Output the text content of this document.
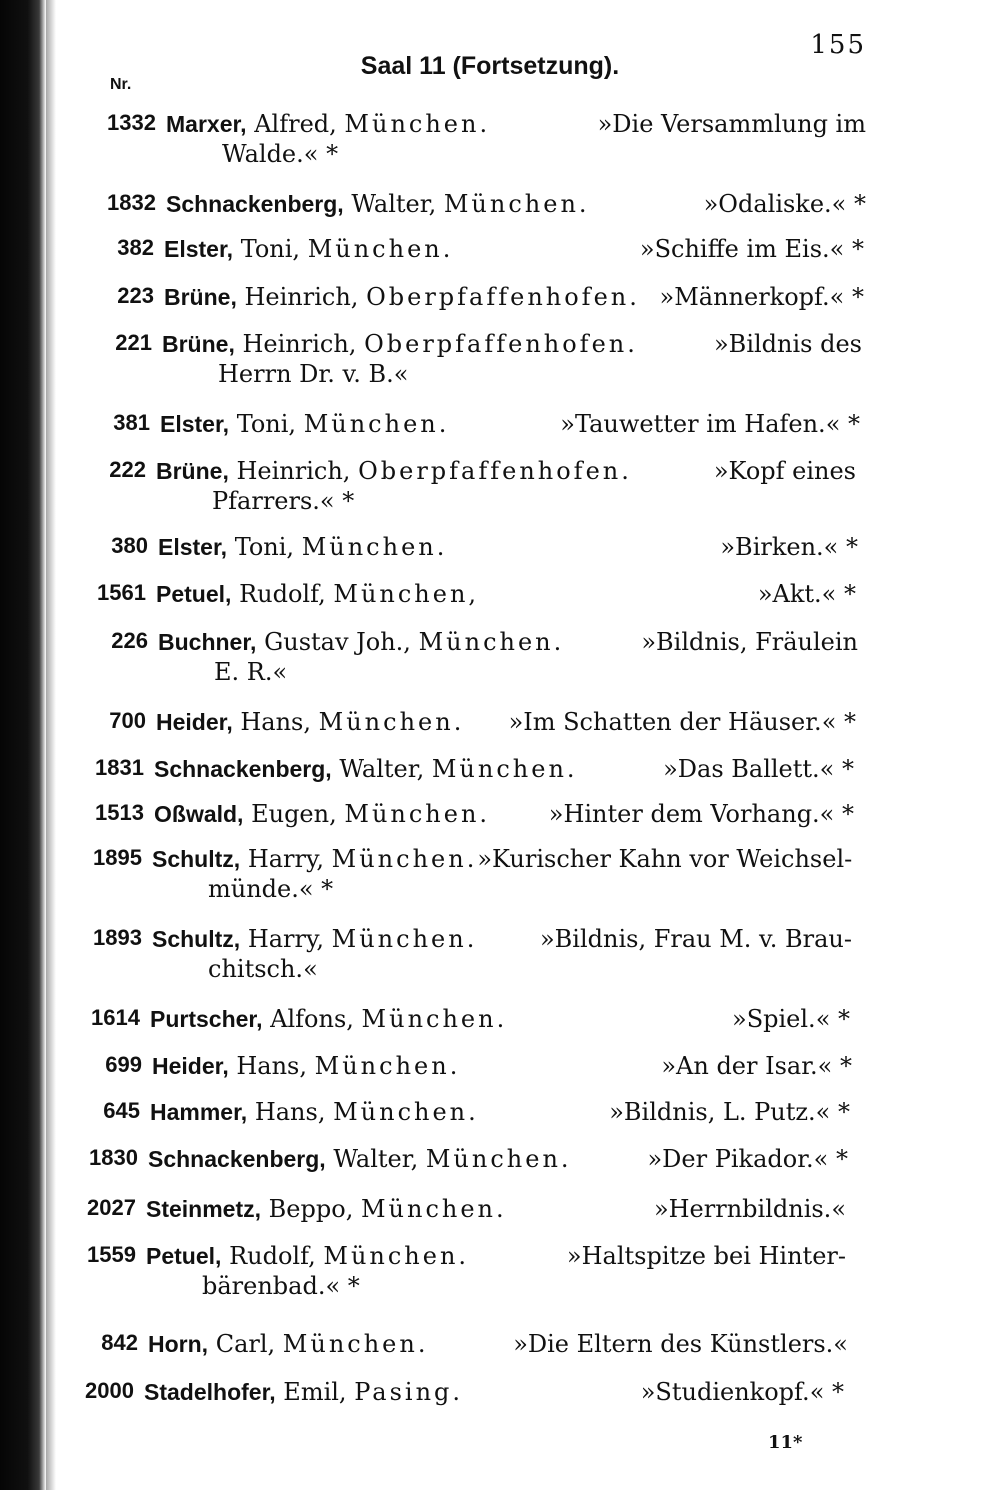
155
Saal 11 (Fortsetzung).
Nr.
1332 Marxer, Alfred, München.	»Die Versammlung im
Walde.« *
1832 Schnackenberg, Walter, München.	»Odaliske.« *
382 Elster, Toni, München.	»Schiffe im Eis.« *
223 Brüne, Heinrich, Oberpfaffenhofen. »Männerkopf.« *
221 Brüne, Heinrich, Oberpfaffenhofen.	»Bildnis des
Herrn Dr. v. B.«
381 Elster, Toni, München.	»Tauwetter im Hafen.« *
222 Brüne, Heinrich, Oberpfaffenhofen.	»Kopf eines
Pfarrers.« *
380 Elster, Toni, München.	»Birken.« *
1561 Petuel, Rudolf, München,	»Akt.« *
226 Buchner, Gustav Joh., München.	»Bildnis, Fräulein
E. R.«
700 Heider, Hans, München. »Im Schatten der Häuser.« *
1831 Schnackenberg, Walter, München.	»Das Ballett.« *
1513 Oßwald, Eugen, München. »Hinter dem Vorhang.« *
1895 Schultz, Harry, München. »Kurischer Kahn vor Weichsel-
münde.« *
1893 Schultz, Harry, München.	»Bildnis, Frau M. v. Brau-
chitsch.«
1614 Purtscher, Alfons, München.	»Spiel.« *
699 Heider, Hans, München.	»An der Isar.« *
645 Hammer, Hans, München.	»Bildnis, L. Putz.« *
1830 Schnackenberg, Walter, München.	»Der Pikador.« *
2027 Steinmetz, Beppo, München.	»Herrnbildnis.«
1559 Petuel, Rudolf, München.	»Haltspitze bei Hinter-
bärenbad.« *
842 Horn, Carl, München.	»Die Eltern des Künstlers.«
2000 Stadelhofer, Emil, Pasing.	»Studienkopf.« *
11*
